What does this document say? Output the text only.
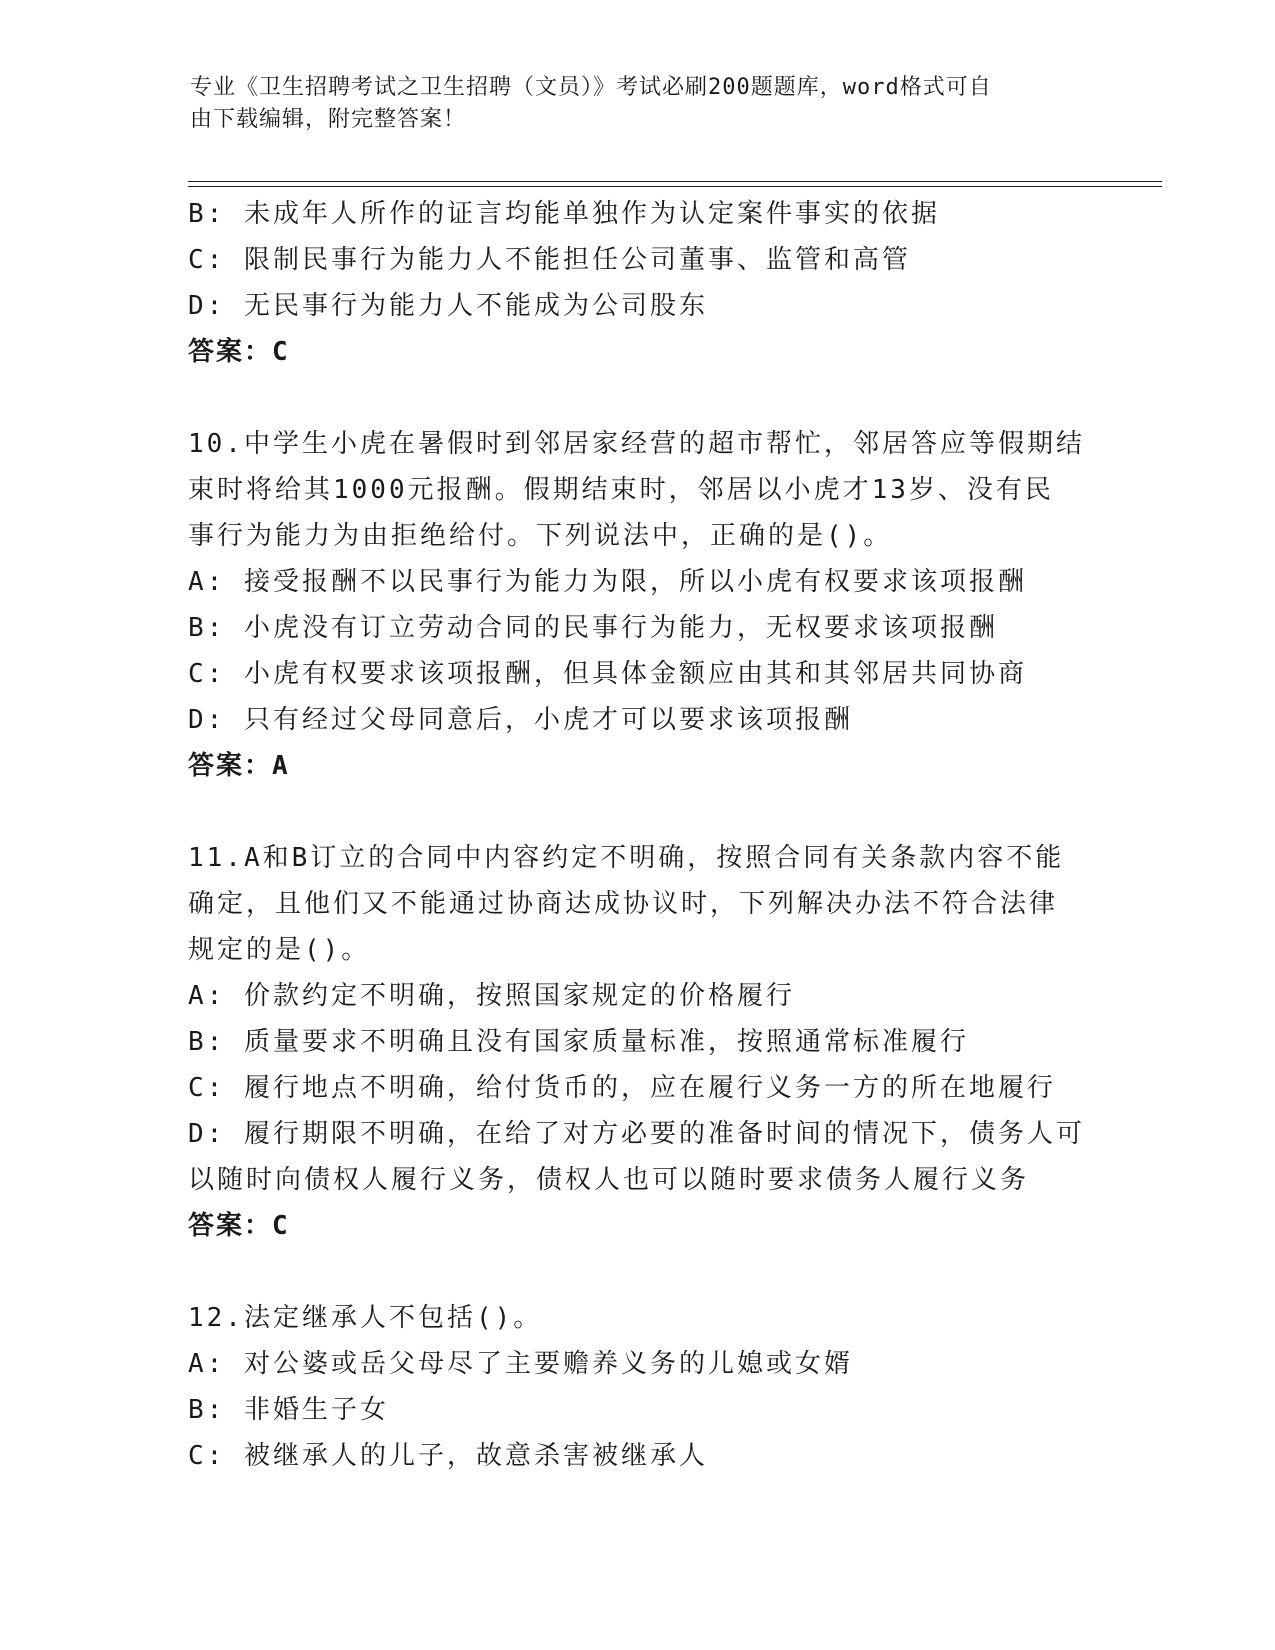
专业《卫生招聘考试之卫生招聘（文员）》考试必刷200题题库，word格式可自
由下载编辑，附完整答案！
B: 未成年人所作的证言均能单独作为认定案件事实的依据
C: 限制民事行为能力人不能担任公司董事、监管和高管
D: 无民事行为能力人不能成为公司股东
答案：C
10.中学生小虎在暑假时到邻居家经营的超市帮忙，邻居答应等假期结
束时将给其1000元报酬。假期结束时，邻居以小虎才13岁、没有民
事行为能力为由拒绝给付。下列说法中，正确的是()。
A: 接受报酬不以民事行为能力为限，所以小虎有权要求该项报酬
B: 小虎没有订立劳动合同的民事行为能力，无权要求该项报酬
C: 小虎有权要求该项报酬，但具体金额应由其和其邻居共同协商
D: 只有经过父母同意后，小虎才可以要求该项报酬
答案：A
11.A和B订立的合同中内容约定不明确，按照合同有关条款内容不能
确定，且他们又不能通过协商达成协议时，下列解决办法不符合法律
规定的是()。
A: 价款约定不明确，按照国家规定的价格履行
B: 质量要求不明确且没有国家质量标准，按照通常标准履行
C: 履行地点不明确，给付货币的，应在履行义务一方的所在地履行
D: 履行期限不明确，在给了对方必要的准备时间的情况下，债务人可
以随时向债权人履行义务，债权人也可以随时要求债务人履行义务
答案：C
12.法定继承人不包括()。
A: 对公婆或岳父母尽了主要赡养义务的儿媳或女婿
B: 非婚生子女
C: 被继承人的儿子，故意杀害被继承人
